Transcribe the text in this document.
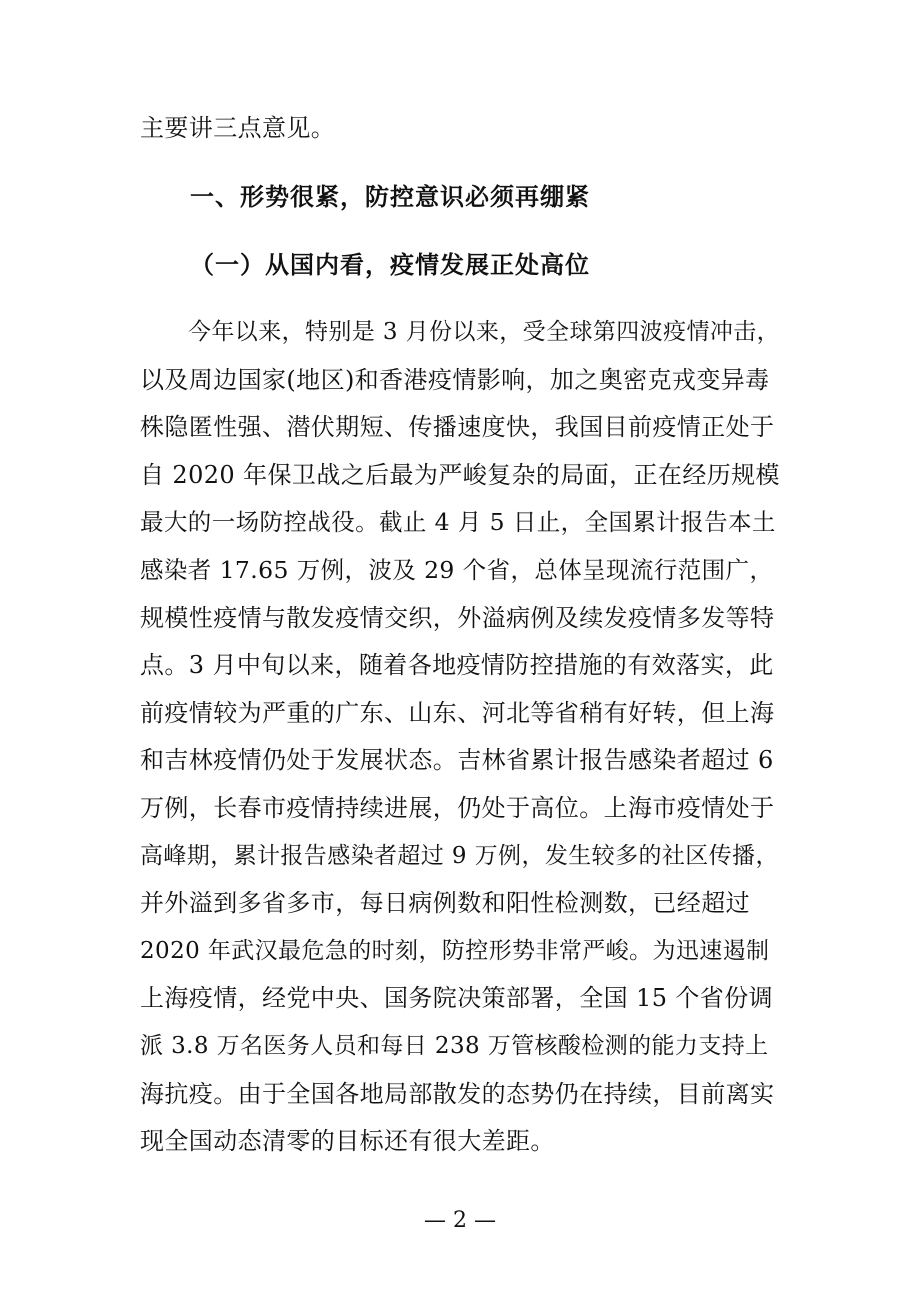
主要讲三点意见。
一、形势很紧，防控意识必须再绷紧
（一）从国内看，疫情发展正处高位
今年以来，特别是 3 月份以来，受全球第四波疫情冲击，
以及周边国家(地区)和香港疫情影响，加之奥密克戎变异毒
株隐匿性强、潜伏期短、传播速度快，我国目前疫情正处于
自 2020 年保卫战之后最为严峻复杂的局面，正在经历规模
最大的一场防控战役。截止 4 月 5 日止，全国累计报告本土
感染者 17.65 万例，波及 29 个省，总体呈现流行范围广，
规模性疫情与散发疫情交织，外溢病例及续发疫情多发等特
点。3 月中旬以来，随着各地疫情防控措施的有效落实，此
前疫情较为严重的广东、山东、河北等省稍有好转，但上海
和吉林疫情仍处于发展状态。吉林省累计报告感染者超过 6
万例，长春市疫情持续进展，仍处于高位。上海市疫情处于
高峰期，累计报告感染者超过 9 万例，发生较多的社区传播，
并外溢到多省多市，每日病例数和阳性检测数，已经超过
2020 年武汉最危急的时刻，防控形势非常严峻。为迅速遏制
上海疫情，经党中央、国务院决策部署，全国 15 个省份调
派 3.8 万名医务人员和每日 238 万管核酸检测的能力支持上
海抗疫。由于全国各地局部散发的态势仍在持续，目前离实
现全国动态清零的目标还有很大差距。
— 2 —
